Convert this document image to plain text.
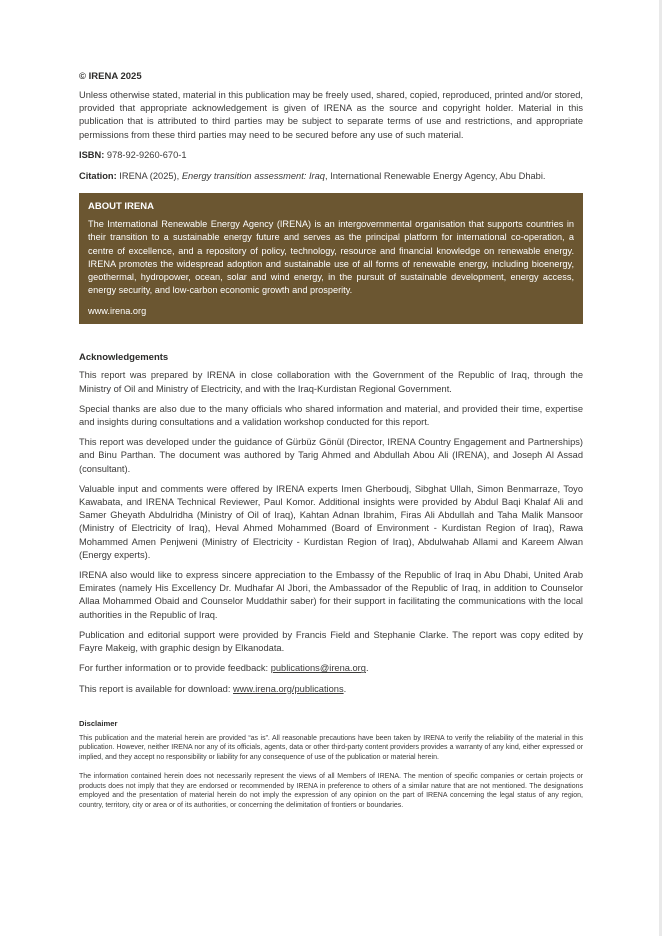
© IRENA 2025

Unless otherwise stated, material in this publication may be freely used, shared, copied, reproduced, printed and/or stored, provided that appropriate acknowledgement is given of IRENA as the source and copyright holder. Material in this publication that is attributed to third parties may be subject to separate terms of use and restrictions, and appropriate permissions from these third parties may need to be secured before any use of such material.

ISBN: 978-92-9260-670-1

Citation: IRENA (2025), Energy transition assessment: Iraq, International Renewable Energy Agency, Abu Dhabi.

ABOUT IRENA
The International Renewable Energy Agency (IRENA) is an intergovernmental organisation that supports countries in their transition to a sustainable energy future and serves as the principal platform for international co-operation, a centre of excellence, and a repository of policy, technology, resource and financial knowledge on renewable energy. IRENA promotes the widespread adoption and sustainable use of all forms of renewable energy, including bioenergy, geothermal, hydropower, ocean, solar and wind energy, in the pursuit of sustainable development, energy access, energy security, and low-carbon economic growth and prosperity.
www.irena.org
Acknowledgements

This report was prepared by IRENA in close collaboration with the Government of the Republic of Iraq, through the Ministry of Oil and Ministry of Electricity, and with the Iraq-Kurdistan Regional Government.

Special thanks are also due to the many officials who shared information and material, and provided their time, expertise and insights during consultations and a validation workshop conducted for this report.

This report was developed under the guidance of Gürbüz Gönül (Director, IRENA Country Engagement and Partnerships) and Binu Parthan. The document was authored by Tarig Ahmed and Abdullah Abou Ali (IRENA), and Joseph Al Assad (consultant).

Valuable input and comments were offered by IRENA experts Imen Gherboudj, Sibghat Ullah, Simon Benmarraze, Toyo Kawabata, and IRENA Technical Reviewer, Paul Komor. Additional insights were provided by Abdul Baqi Khalaf Ali and Samer Gheyath Abdulridha (Ministry of Oil of Iraq), Kahtan Adnan Ibrahim, Firas Ali Abdullah and Taha Malik Mansoor (Ministry of Electricity of Iraq), Heval Ahmed Mohammed (Board of Environment - Kurdistan Region of Iraq), Rawa Mohammed Amen Penjweni (Ministry of Electricity - Kurdistan Region of Iraq), Abdulwahab Allami and Kareem Alwan (Energy experts).

IRENA also would like to express sincere appreciation to the Embassy of the Republic of Iraq in Abu Dhabi, United Arab Emirates (namely His Excellency Dr. Mudhafar Al Jbori, the Ambassador of the Republic of Iraq, in addition to Counselor Allaa Mohammed Obaid and Counselor Muddathir saber) for their support in facilitating the communications with the local authorities in the Republic of Iraq.

Publication and editorial support were provided by Francis Field and Stephanie Clarke. The report was copy edited by Fayre Makeig, with graphic design by Elkanodata.

For further information or to provide feedback: publications@irena.org.

This report is available for download: www.irena.org/publications.

Disclaimer

This publication and the material herein are provided “as is”. All reasonable precautions have been taken by IRENA to verify the reliability of the material in this publication. However, neither IRENA nor any of its officials, agents, data or other third-party content providers provides a warranty of any kind, either expressed or implied, and they accept no responsibility or liability for any consequence of use of the publication or material herein.

The information contained herein does not necessarily represent the views of all Members of IRENA. The mention of specific companies or certain projects or products does not imply that they are endorsed or recommended by IRENA in preference to others of a similar nature that are not mentioned. The designations employed and the presentation of material herein do not imply the expression of any opinion on the part of IRENA concerning the legal status of any region, country, territory, city or area or of its authorities, or concerning the delimitation of frontiers or boundaries.
